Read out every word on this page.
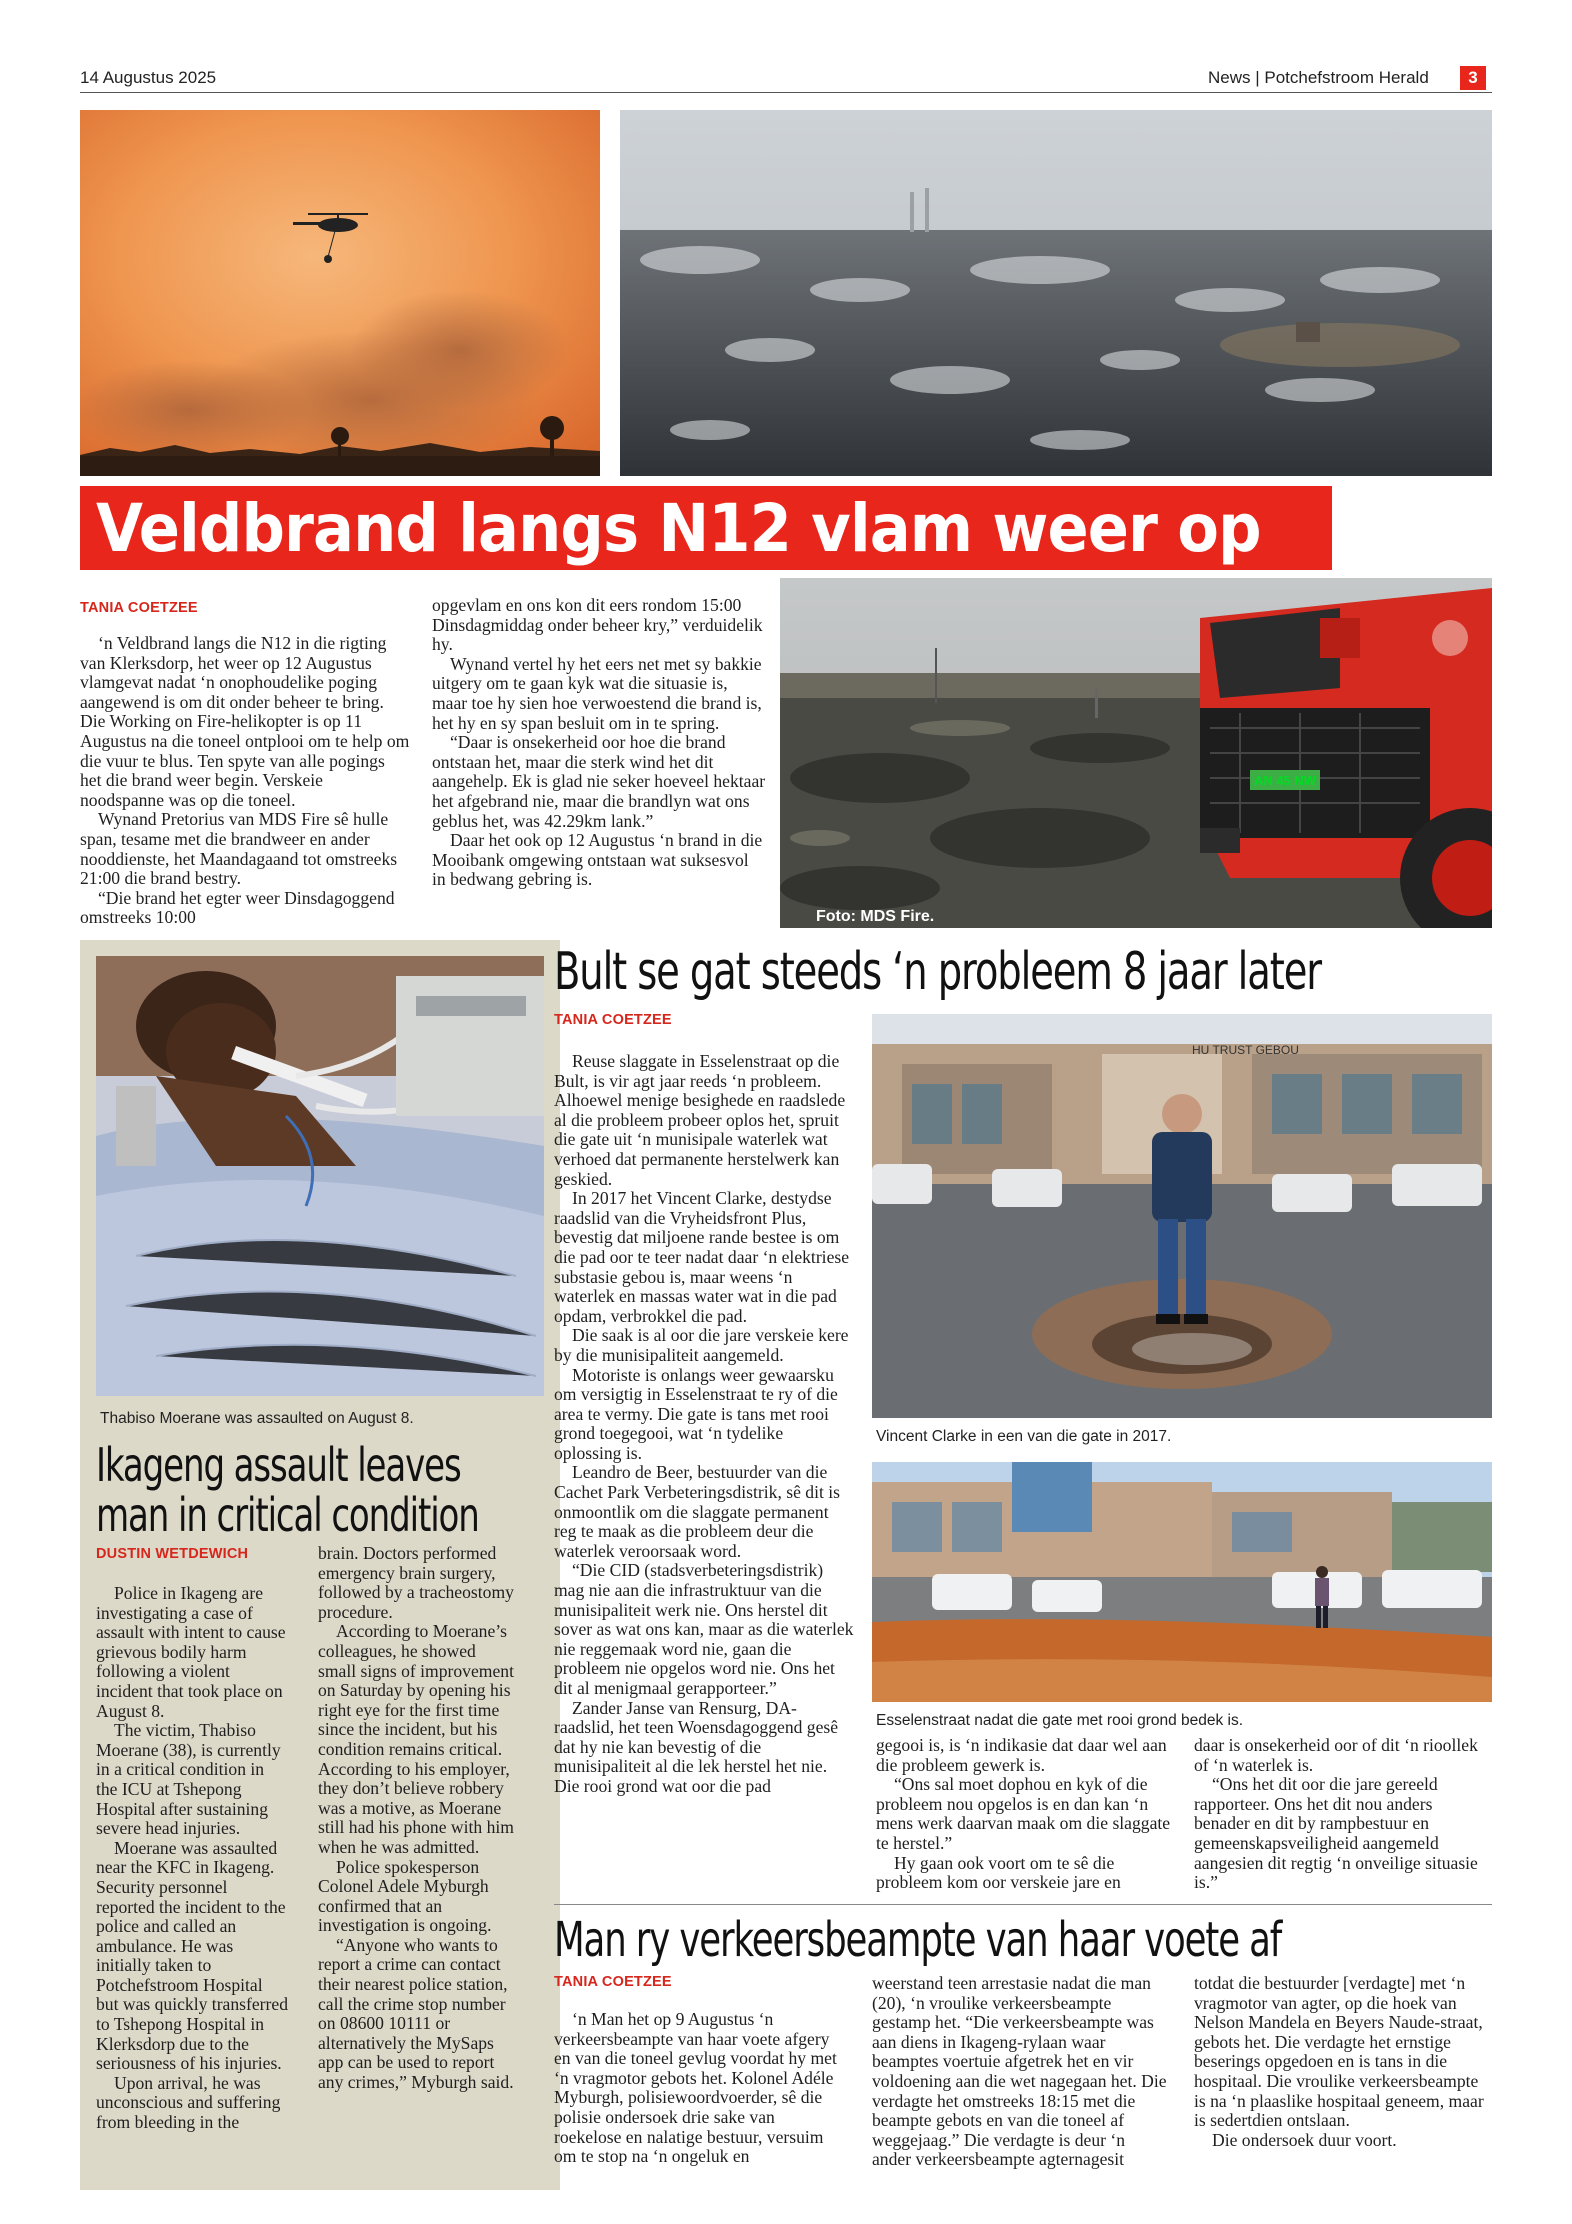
14 Augustus 2025	News | Potchefstroom Herald	3
Veldbrand langs N12 vlam weer op
AN 45 NW
Foto: MDS Fire.
TANIA COETZEE

‘n Veldbrand langs die N12 in die rigting van Klerksdorp, het weer op 12 Augustus vlamgevat nadat ‘n onophoudelike poging aangewend is om dit onder beheer te bring. Die Working on Fire-helikopter is op 11 Augustus na die toneel ontplooi om te help om die vuur te blus. Ten spyte van alle pogings het die brand weer begin. Verskeie noodspanne was op die toneel.

Wynand Pretorius van MDS Fire sê hulle span, tesame met die brandweer en ander nooddienste, het Maandagaand tot omstreeks 21:00 die brand bestry.

“Die brand het egter weer Dinsdagoggend omstreeks 10:00

opgevlam en ons kon dit eers rondom 15:00 Dinsdagmiddag onder beheer kry,” verduidelik hy.

Wynand vertel hy het eers net met sy bakkie uitgery om te gaan kyk wat die situasie is, maar toe hy sien hoe verwoestend die brand is, het hy en sy span besluit om in te spring.

“Daar is onsekerheid oor hoe die brand ontstaan het, maar die sterk wind het dit aangehelp. Ek is glad nie seker hoeveel hektaar het afgebrand nie, maar die brandlyn wat ons geblus het, was 42.29km lank.”

Daar het ook op 12 Augustus ‘n brand in die Mooibank omgewing ontstaan wat suksesvol in bedwang gebring is.

Thabiso Moerane was assaulted on August 8.
Ikageng assault leaves
man in critical condition
DUSTIN WETDEWICH

Police in Ikageng are investigating a case of assault with intent to cause grievous bodily harm following a violent incident that took place on August 8.

The victim, Thabiso Moerane (38), is currently in a critical condition in the ICU at Tshepong Hospital after sustaining severe head injuries.

Moerane was assaulted near the KFC in Ikageng. Security personnel reported the incident to the police and called an ambulance. He was initially taken to Potchefstroom Hospital but was quickly transferred to Tshepong Hospital in Klerksdorp due to the seriousness of his injuries.

Upon arrival, he was unconscious and suffering from bleeding in the

brain. Doctors performed emergency brain surgery, followed by a tracheostomy procedure.

According to Moerane’s colleagues, he showed small signs of improvement on Saturday by opening his right eye for the first time since the incident, but his condition remains critical. According to his employer, they don’t believe robbery was a motive, as Moerane still had his phone with him when he was admitted.

Police spokesperson Colonel Adele Myburgh confirmed that an investigation is ongoing.

“Anyone who wants to report a crime can contact their nearest police station, call the crime stop number on 08600 10111 or alternatively the MySaps app can be used to report any crimes,” Myburgh said.

Bult se gat steeds ‘n probleem 8 jaar later
TANIA COETZEE

Reuse slaggate in Esselenstraat op die Bult, is vir agt jaar reeds ‘n probleem. Alhoewel menige besighede en raadslede al die probleem probeer oplos het, spruit die gate uit ‘n munisipale waterlek wat verhoed dat permanente herstelwerk kan geskied.

In 2017 het Vincent Clarke, destydse raadslid van die Vryheidsfront Plus, bevestig dat miljoene rande bestee is om die pad oor te teer nadat daar ‘n elektriese substasie gebou is, maar weens ‘n waterlek en massas water wat in die pad opdam, verbrokkel die pad.

Die saak is al oor die jare verskeie kere by die munisipaliteit aangemeld.

Motoriste is onlangs weer gewaarsku om versigtig in Esselenstraat te ry of die area te vermy. Die gate is tans met rooi grond toegegooi, wat ‘n tydelike oplossing is.

Leandro de Beer, bestuurder van die Cachet Park Verbeteringsdistrik, sê dit is onmoontlik om die slaggate permanent reg te maak as die probleem deur die waterlek veroorsaak word.

“Die CID (stadsverbeteringsdistrik) mag nie aan die infrastruktuur van die munisipaliteit werk nie. Ons herstel dit sover as wat ons kan, maar as die waterlek nie reggemaak word nie, gaan die probleem nie opgelos word nie. Ons het dit al menigmaal gerapporteer.”

Zander Janse van Rensurg, DA-raadslid, het teen Woensdagoggend gesê dat hy nie kan bevestig of die munisipaliteit al die lek herstel het nie. Die rooi grond wat oor die pad

HU TRUST GEBOU
Vincent Clarke in een van die gate in 2017.
Esselenstraat nadat die gate met rooi grond bedek is.

gegooi is, is ‘n indikasie dat daar wel aan die probleem gewerk is.

“Ons sal moet dophou en kyk of die probleem nou opgelos is en dan kan ‘n mens werk daarvan maak om die slaggate te herstel.”

Hy gaan ook voort om te sê die probleem kom oor verskeie jare en

daar is onsekerheid oor of dit ‘n rioollek of ‘n waterlek is.

“Ons het dit oor die jare gereeld rapporteer. Ons het dit nou anders benader en dit by rampbestuur en gemeenskapsveiligheid aangemeld aangesien dit regtig ‘n onveilige situasie is.”

Man ry verkeersbeampte van haar voete af
TANIA COETZEE

‘n Man het op 9 Augustus ‘n verkeersbeampte van haar voete afgery en van die toneel gevlug voordat hy met ‘n vragmotor gebots het. Kolonel Adéle Myburgh, polisiewoordvoerder, sê die polisie ondersoek drie sake van roekelose en nalatige bestuur, versuim om te stop na ‘n ongeluk en

weerstand teen arrestasie nadat die man (20), ‘n vroulike verkeersbeampte gestamp het. “Die verkeersbeampte was aan diens in Ikageng-rylaan waar beamptes voertuie afgetrek het en vir voldoening aan die wet nagegaan het. Die verdagte het omstreeks 18:15 met die beampte gebots en van die toneel af weggejaag.” Die verdagte is deur ‘n ander verkeersbeampte agternagesit

totdat die bestuurder [verdagte] met ‘n vragmotor van agter, op die hoek van Nelson Mandela en Beyers Naude-straat, gebots het. Die verdagte het ernstige beserings opgedoen en is tans in die hospitaal. Die vroulike verkeersbeampte is na ‘n plaaslike hospitaal geneem, maar is sedertdien ontslaan.

Die ondersoek duur voort.
